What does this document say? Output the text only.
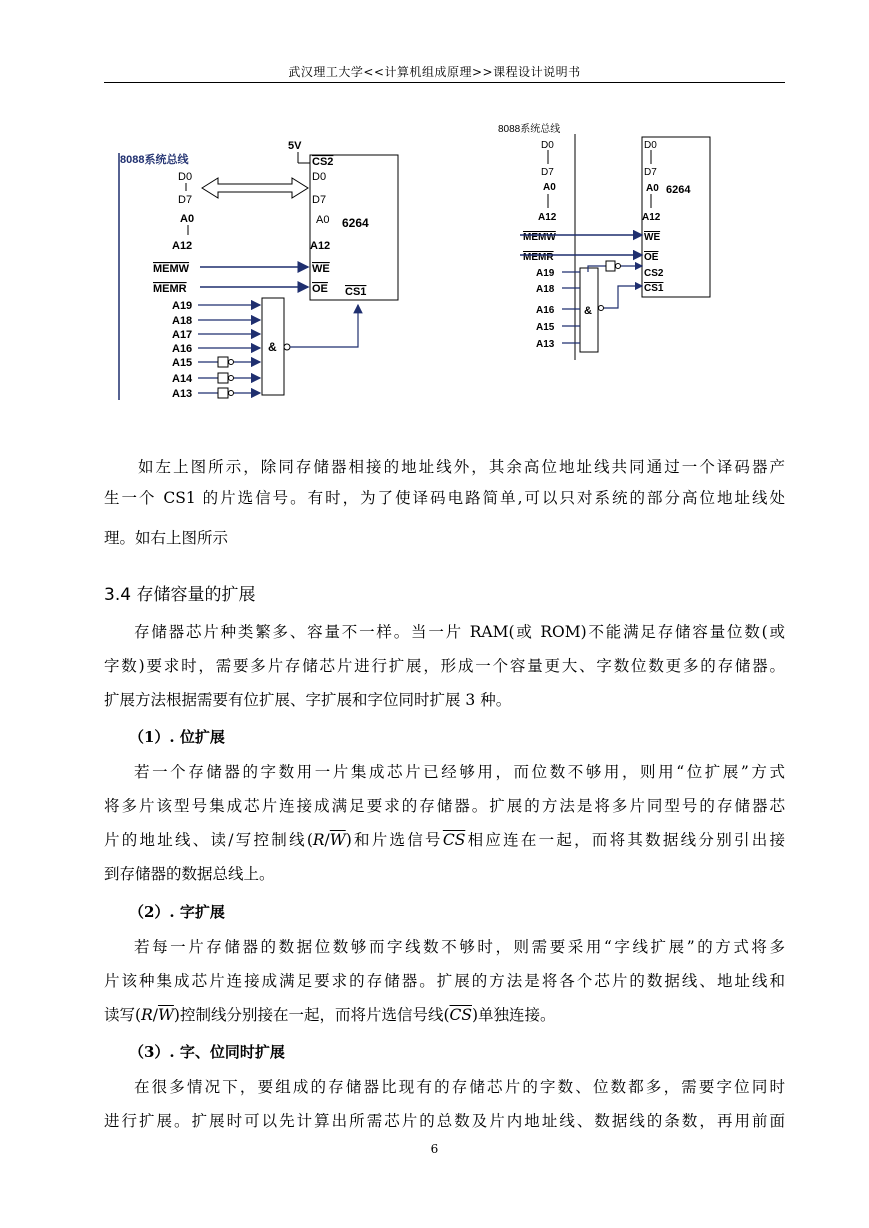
武汉理工大学<<计算机组成原理>>课程设计说明书
8088系统总线
5V
6264
CS2
D0
D7
A0
A12
WE
OE CS1
D0
D7
A0
A12
MEMW
MEMR
A19
A18
A17
A16
A15
A14
A13
&
8088系统总线
6264
D0
D7
A0
A12
WE
OE
CS2
CS1
D0
D7
A0
A12
MEMW
MEMR
A19
A18
A16
A15
A13
&
如左上图所示，除同存储器相接的地址线外，其余高位地址线共同通过一个译码器产
生一个 CS1 的片选信号。有时，为了使译码电路简单,可以只对系统的部分高位地址线处
理。如右上图所示
3.4 存储容量的扩展
存储器芯片种类繁多、容量不一样。当一片 RAM(或 ROM)不能满足存储容量位数(或
字数)要求时，需要多片存储芯片进行扩展，形成一个容量更大、字数位数更多的存储器。
扩展方法根据需要有位扩展、字扩展和字位同时扩展 3 种。
（1）. 位扩展
若一个存储器的字数用一片集成芯片已经够用，而位数不够用，则用“位扩展”方式
将多片该型号集成芯片连接成满足要求的存储器。扩展的方法是将多片同型号的存储器芯
片的地址线、读/写控制线$(R/\overline{W})$和片选信号$\overline{CS}$相应连在一起，而将其数据线分别引出接
到存储器的数据总线上。
（2）. 字扩展
若每一片存储器的数据位数够而字线数不够时，则需要采用“字线扩展”的方式将多
片该种集成芯片连接成满足要求的存储器。扩展的方法是将各个芯片的数据线、地址线和
读写$(R/\overline{W})$控制线分别接在一起，而将片选信号线$(\overline{CS})$单独连接。
（3）. 字、位同时扩展
在很多情况下，要组成的存储器比现有的存储芯片的字数、位数都多，需要字位同时
进行扩展。扩展时可以先计算出所需芯片的总数及片内地址线、数据线的条数，再用前面
6
